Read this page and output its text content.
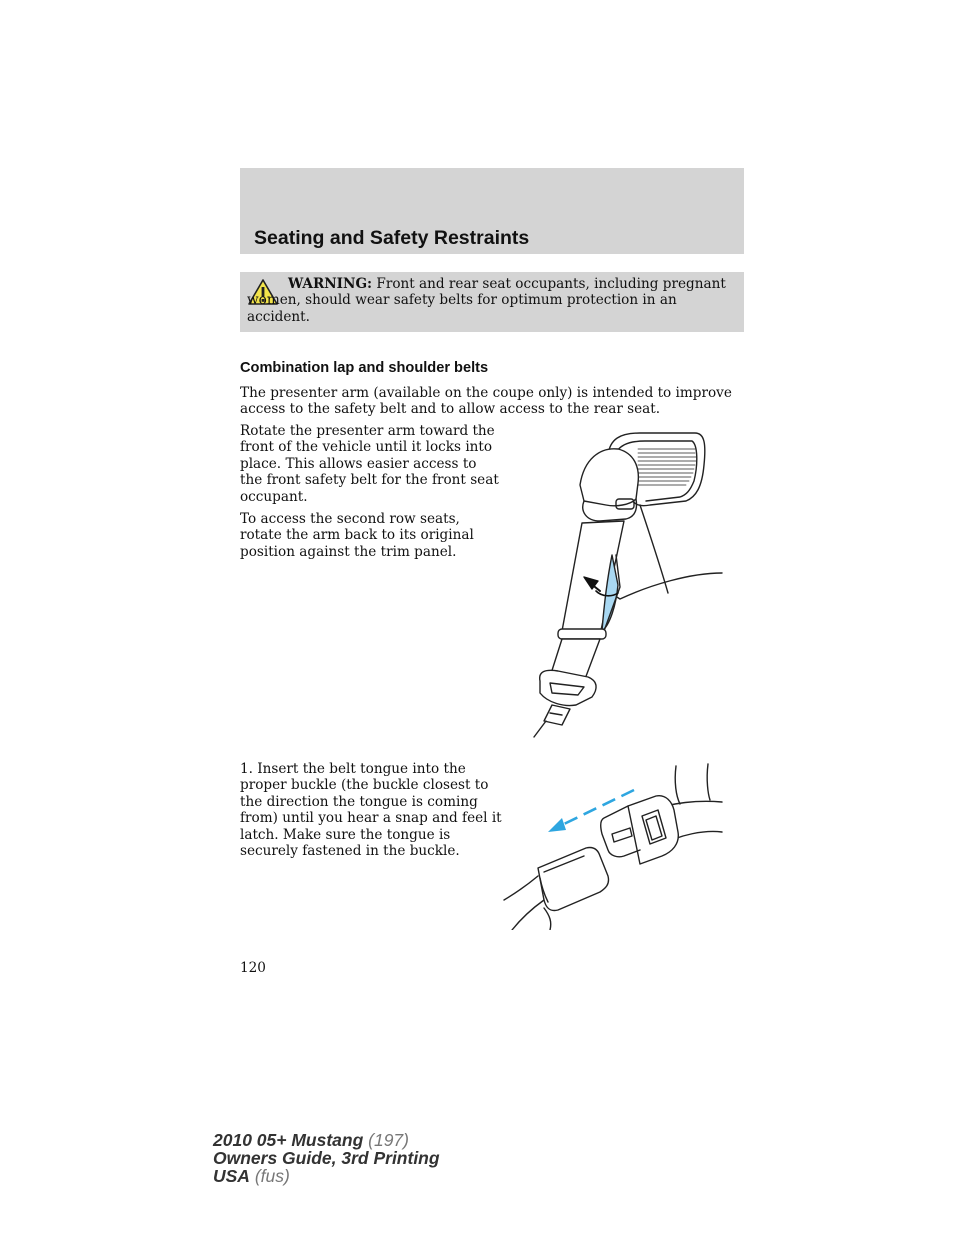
Seating and Safety Restraints
WARNING: Front and rear seat occupants, including pregnant women, should wear safety belts for optimum protection in an accident.
Combination lap and shoulder belts

The presenter arm (available on the coupe only) is intended to improve access to the safety belt and to allow access to the rear seat.

Rotate the presenter arm toward the front of the vehicle until it locks into place. This allows easier access to the front safety belt for the front seat occupant.

To access the second row seats, rotate the arm back to its original position against the trim panel.

1. Insert the belt tongue into the proper buckle (the buckle closest to the direction the tongue is coming from) until you hear a snap and feel it latch. Make sure the tongue is securely fastened in the buckle.

120
2010 05+ Mustang (197)
Owners Guide, 3rd Printing
USA (fus)
